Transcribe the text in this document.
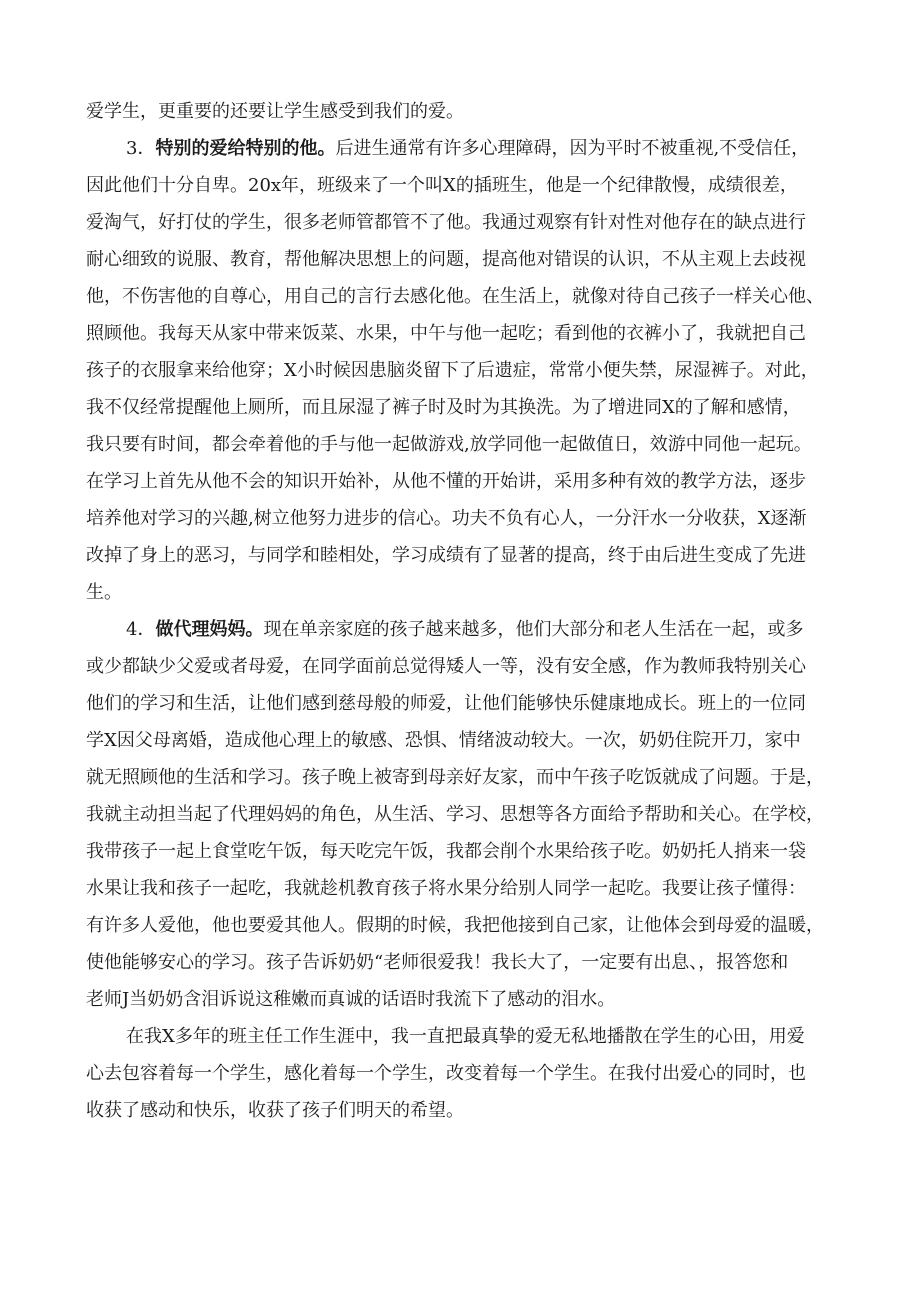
爱学生，更重要的还要让学生感受到我们的爱。
3．特别的爱给特别的他。后进生通常有许多心理障碍，因为平时不被重视,不受信任，
因此他们十分自卑。20x年，班级来了一个叫X的插班生，他是一个纪律散慢，成绩很差，
爱淘气，好打仗的学生，很多老师管都管不了他。我通过观察有针对性对他存在的缺点进行
耐心细致的说服、教育，帮他解决思想上的问题，提高他对错误的认识，不从主观上去歧视
他，不伤害他的自尊心，用自己的言行去感化他。在生活上，就像对待自己孩子一样关心他、
照顾他。我每天从家中带来饭菜、水果，中午与他一起吃；看到他的衣裤小了，我就把自己
孩子的衣服拿来给他穿；X小时候因患脑炎留下了后遗症，常常小便失禁，尿湿裤子。对此，
我不仅经常提醒他上厕所，而且尿湿了裤子时及时为其换洗。为了增进同X的了解和感情，
我只要有时间，都会牵着他的手与他一起做游戏,放学同他一起做值日，效游中同他一起玩。
在学习上首先从他不会的知识开始补，从他不懂的开始讲，采用多种有效的教学方法，逐步
培养他对学习的兴趣,树立他努力进步的信心。功夫不负有心人，一分汗水一分收获，X逐渐
改掉了身上的恶习，与同学和睦相处，学习成绩有了显著的提高，终于由后进生变成了先进
生。
4．做代理妈妈。现在单亲家庭的孩子越来越多，他们大部分和老人生活在一起，或多
或少都缺少父爱或者母爱，在同学面前总觉得矮人一等，没有安全感，作为教师我特别关心
他们的学习和生活，让他们感到慈母般的师爱，让他们能够快乐健康地成长。班上的一位同
学X因父母离婚，造成他心理上的敏感、恐惧、情绪波动较大。一次，奶奶住院开刀，家中
就无照顾他的生活和学习。孩子晚上被寄到母亲好友家，而中午孩子吃饭就成了问题。于是，
我就主动担当起了代理妈妈的角色，从生活、学习、思想等各方面给予帮助和关心。在学校，
我带孩子一起上食堂吃午饭，每天吃完午饭，我都会削个水果给孩子吃。奶奶托人捎来一袋
水果让我和孩子一起吃，我就趁机教育孩子将水果分给别人同学一起吃。我要让孩子懂得：
有许多人爱他，他也要爱其他人。假期的时候，我把他接到自己家，让他体会到母爱的温暖，
使他能够安心的学习。孩子告诉奶奶“老师很爱我！我长大了，一定要有出息、，报答您和
老师J当奶奶含泪诉说这稚嫩而真诚的话语时我流下了感动的泪水。
在我X多年的班主任工作生涯中，我一直把最真挚的爱无私地播散在学生的心田，用爱
心去包容着每一个学生，感化着每一个学生，改变着每一个学生。在我付出爱心的同时，也
收获了感动和快乐，收获了孩子们明天的希望。
